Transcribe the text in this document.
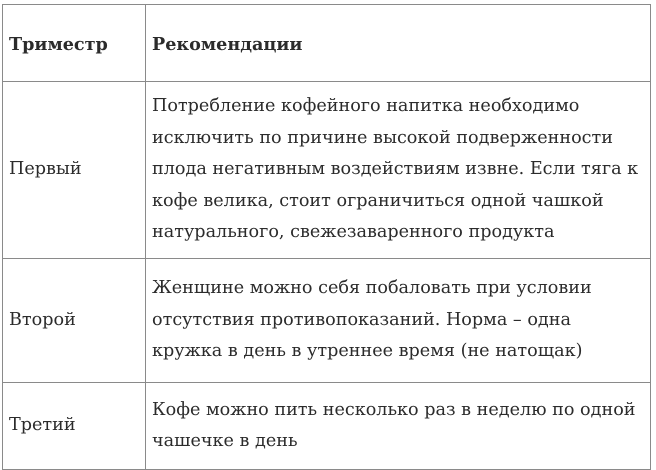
Триместр	Рекомендации
Первый	Потребление кофейного напитка необходимо исключить по причине высокой подверженности плода негативным воздействиям извне. Если тяга к кофе велика, стоит ограничиться одной чашкой натурального, свежезаваренного продукта
Второй	Женщине можно себя побаловать при условии отсутствия противопоказаний. Норма – одна кружка в день в утреннее время (не натощак)
Третий	Кофе можно пить несколько раз в неделю по одной чашечке в день
